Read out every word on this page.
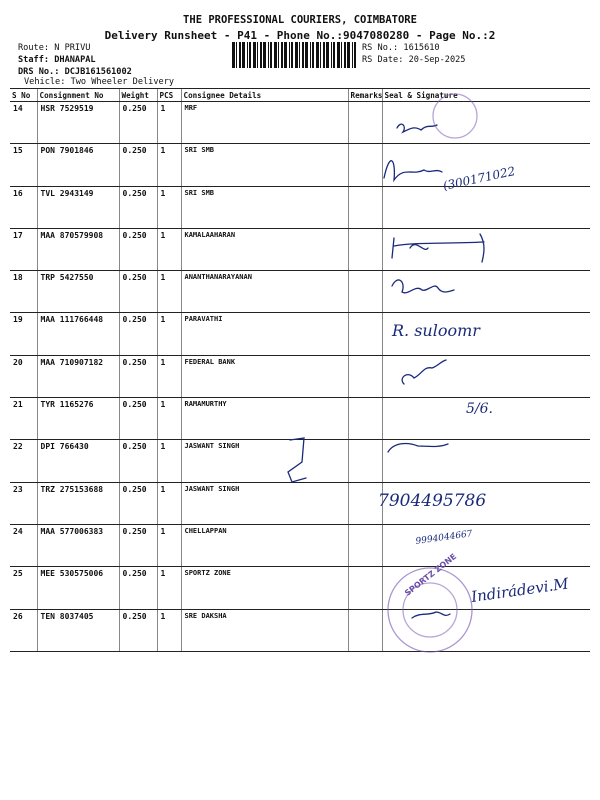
THE PROFESSIONAL COURIERS, COIMBATORE
Delivery Runsheet - P41 - Phone No.:9047080280 - Page No.:2
Route: N PRIVU
Staff: DHANAPAL
DRS No.: DCJB161561002
Vehicle: Two Wheeler Delivery
RS No.: 1615610
RS Date: 20-Sep-2025
S No	Consignment No	Weight	PCS	Consignee Details	Remarks	Seal & Signature
14	HSR 7529519	0.250	1	MRF		
15	PON 7901846	0.250	1	SRI SMB		
16	TVL 2943149	0.250	1	SRI SMB		
17	MAA 870579908	0.250	1	KAMALAAHARAN		
18	TRP 5427550	0.250	1	ANANTHANARAYANAN		
19	MAA 111766448	0.250	1	PARAVATHI		
20	MAA 710907182	0.250	1	FEDERAL BANK		
21	TYR 1165276	0.250	1	RAMAMURTHY		
22	DPI 766430	0.250	1	JASWANT SINGH		
23	TRZ 275153688	0.250	1	JASWANT SINGH		
24	MAA 577006383	0.250	1	CHELLAPPAN		
25	MEE 530575006	0.250	1	SPORTZ ZONE		
26	TEN 8037405	0.250	1	SRE DAKSHA		
(300171022
R. suloomr
5/6.
7904495786
9994044667
Indirádevi.M
SPORTZ ZONE
